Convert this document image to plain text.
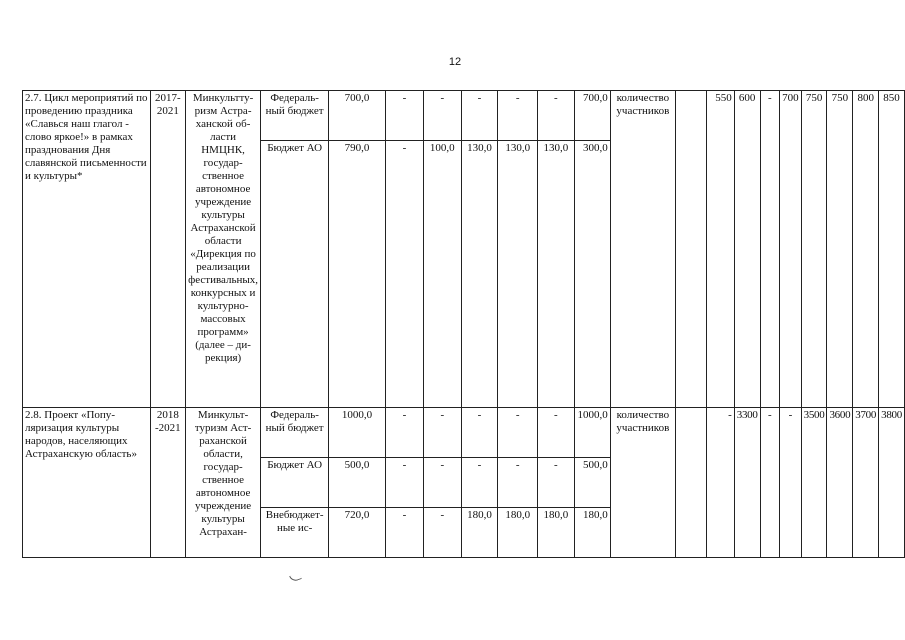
12
2.7. Цикл мероприятий по проведению праздника «Славься наш глагол - слово яркое!» в рамках празднования Дня славянской письменности и культуры*	2017-2021	Минкульттуризм Астраханской области НМЦНК, государственное автономное учреждение культуры Астраханской области «Дирекция по реализации фестивальных, конкурсных и культурно-массовых программ» (далее – дирекция)	Федеральный бюджет	700,0	-	-	-	-	-	700,0	количество участников		550	600	-	700	750	750	800	850
			Бюджет АО	790,0	-	100,0	130,0	130,0	130,0	300,0										
2.8. Проект «Популяризация культуры народов, населяющих Астраханскую область»	2018 -2021	Минкульттуризм Астраханской области, государственное автономное учреждение культуры Астрахан-	Федеральный бюджет	1000,0	-	-	-	-	-	1000,0	количество участников		-	3300	-	-	3500	3600	3700	3800
			Бюджет АО	500,0	-	-	-	-	-	500,0										
			Внебюджетные ис-	720,0	-	-	180,0	180,0	180,0	180,0										
